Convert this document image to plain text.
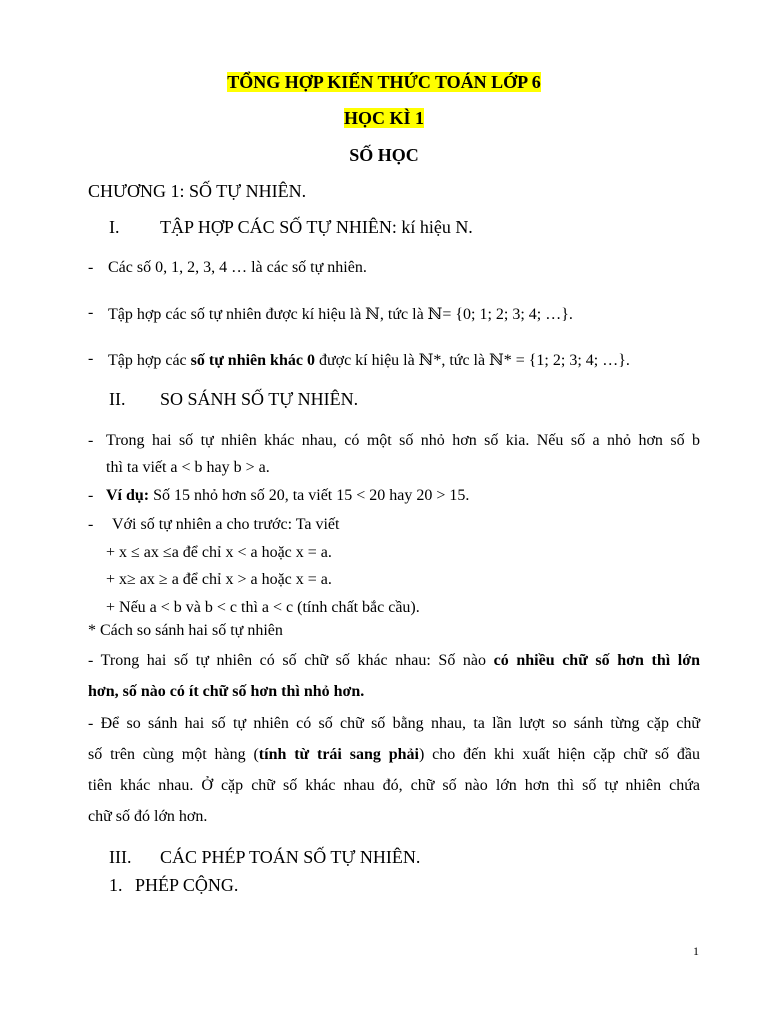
TỔNG HỢP KIẾN THỨC TOÁN LỚP 6
HỌC KÌ 1
SỐ HỌC
CHƯƠNG 1: SỐ TỰ NHIÊN.
I. TẬP HỢP CÁC SỐ TỰ NHIÊN: kí hiệu N.
- Các số 0, 1, 2, 3, 4 … là các số tự nhiên.
- Tập hợp các số tự nhiên được kí hiệu là ℕ, tức là ℕ= {0; 1; 2; 3; 4; …}.
- Tập hợp các số tự nhiên khác 0 được kí hiệu là ℕ*, tức là ℕ* = {1; 2; 3; 4; …}.
II. SO SÁNH SỐ TỰ NHIÊN.
- Trong hai số tự nhiên khác nhau, có một số nhỏ hơn số kia. Nếu số a nhỏ hơn số b
thì ta viết a < b hay b > a.
- Ví dụ: Số 15 nhỏ hơn số 20, ta viết 15 < 20 hay 20 > 15.
- Với số tự nhiên a cho trước: Ta viết
+ x ≤ ax ≤a để chỉ x < a hoặc x = a.
+ x≥ ax ≥ a để chỉ x > a hoặc x = a.
+ Nếu a < b và b < c thì a < c (tính chất bắc cầu).
* Cách so sánh hai số tự nhiên
- Trong hai số tự nhiên có số chữ số khác nhau: Số nào có nhiều chữ số hơn thì lớn
hơn, số nào có ít chữ số hơn thì nhỏ hơn.
- Để so sánh hai số tự nhiên có số chữ số bằng nhau, ta lần lượt so sánh từng cặp chữ
số trên cùng một hàng (tính từ trái sang phải) cho đến khi xuất hiện cặp chữ số đầu
tiên khác nhau. Ở cặp chữ số khác nhau đó, chữ số nào lớn hơn thì số tự nhiên chứa
chữ số đó lớn hơn.
III. CÁC PHÉP TOÁN SỐ TỰ NHIÊN.
1. PHÉP CỘNG.
1
